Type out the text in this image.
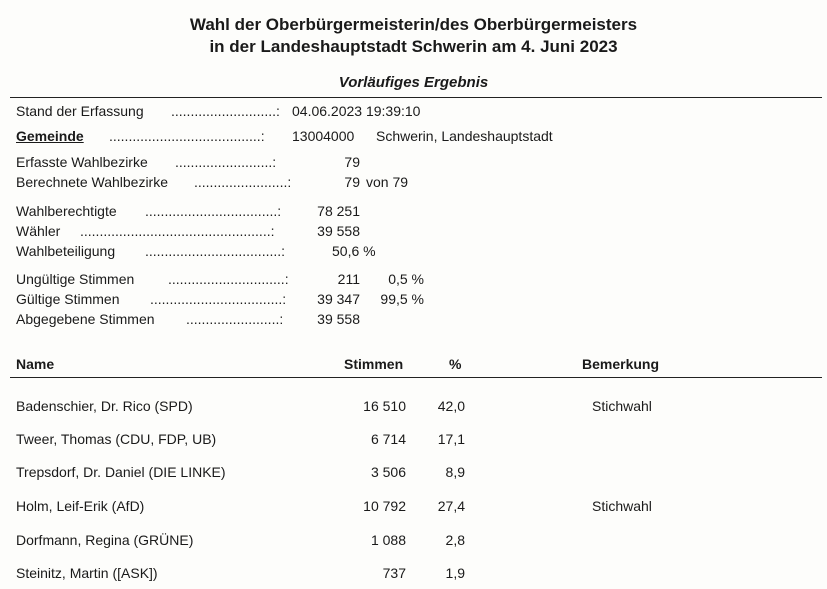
Wahl der Oberbürgermeisterin/des Oberbürgermeisters
in der Landeshauptstadt Schwerin am 4. Juni 2023
Vorläufiges Ergebnis
Stand der Erfassung ...........................: 04.06.2023 19:39:10
Gemeinde .......................................: 13004000 Schwerin, Landeshauptstadt
Erfasste Wahlbezirke .........................:	79
Berechnete Wahlbezirke ........................:	79 von 79
Wahlberechtigte ..................................:	78 251
Wähler .................................................:	39 558
Wahlbeteiligung ...................................:	50,6 %
Ungültige Stimmen ..............................:	211	0,5 %
Gültige Stimmen ..................................:	39 347	99,5 %
Abgegebene Stimmen ........................:	39 558
Name	Stimmen	%	Bemerkung
Badenschier, Dr. Rico (SPD)	16 510	42,0	Stichwahl
Tweer, Thomas (CDU, FDP, UB)	6 714	17,1
Trepsdorf, Dr. Daniel (DIE LINKE)	3 506	8,9
Holm, Leif-Erik (AfD)	10 792	27,4	Stichwahl
Dorfmann, Regina (GRÜNE)	1 088	2,8
Steinitz, Martin ([ASK])	737	1,9
